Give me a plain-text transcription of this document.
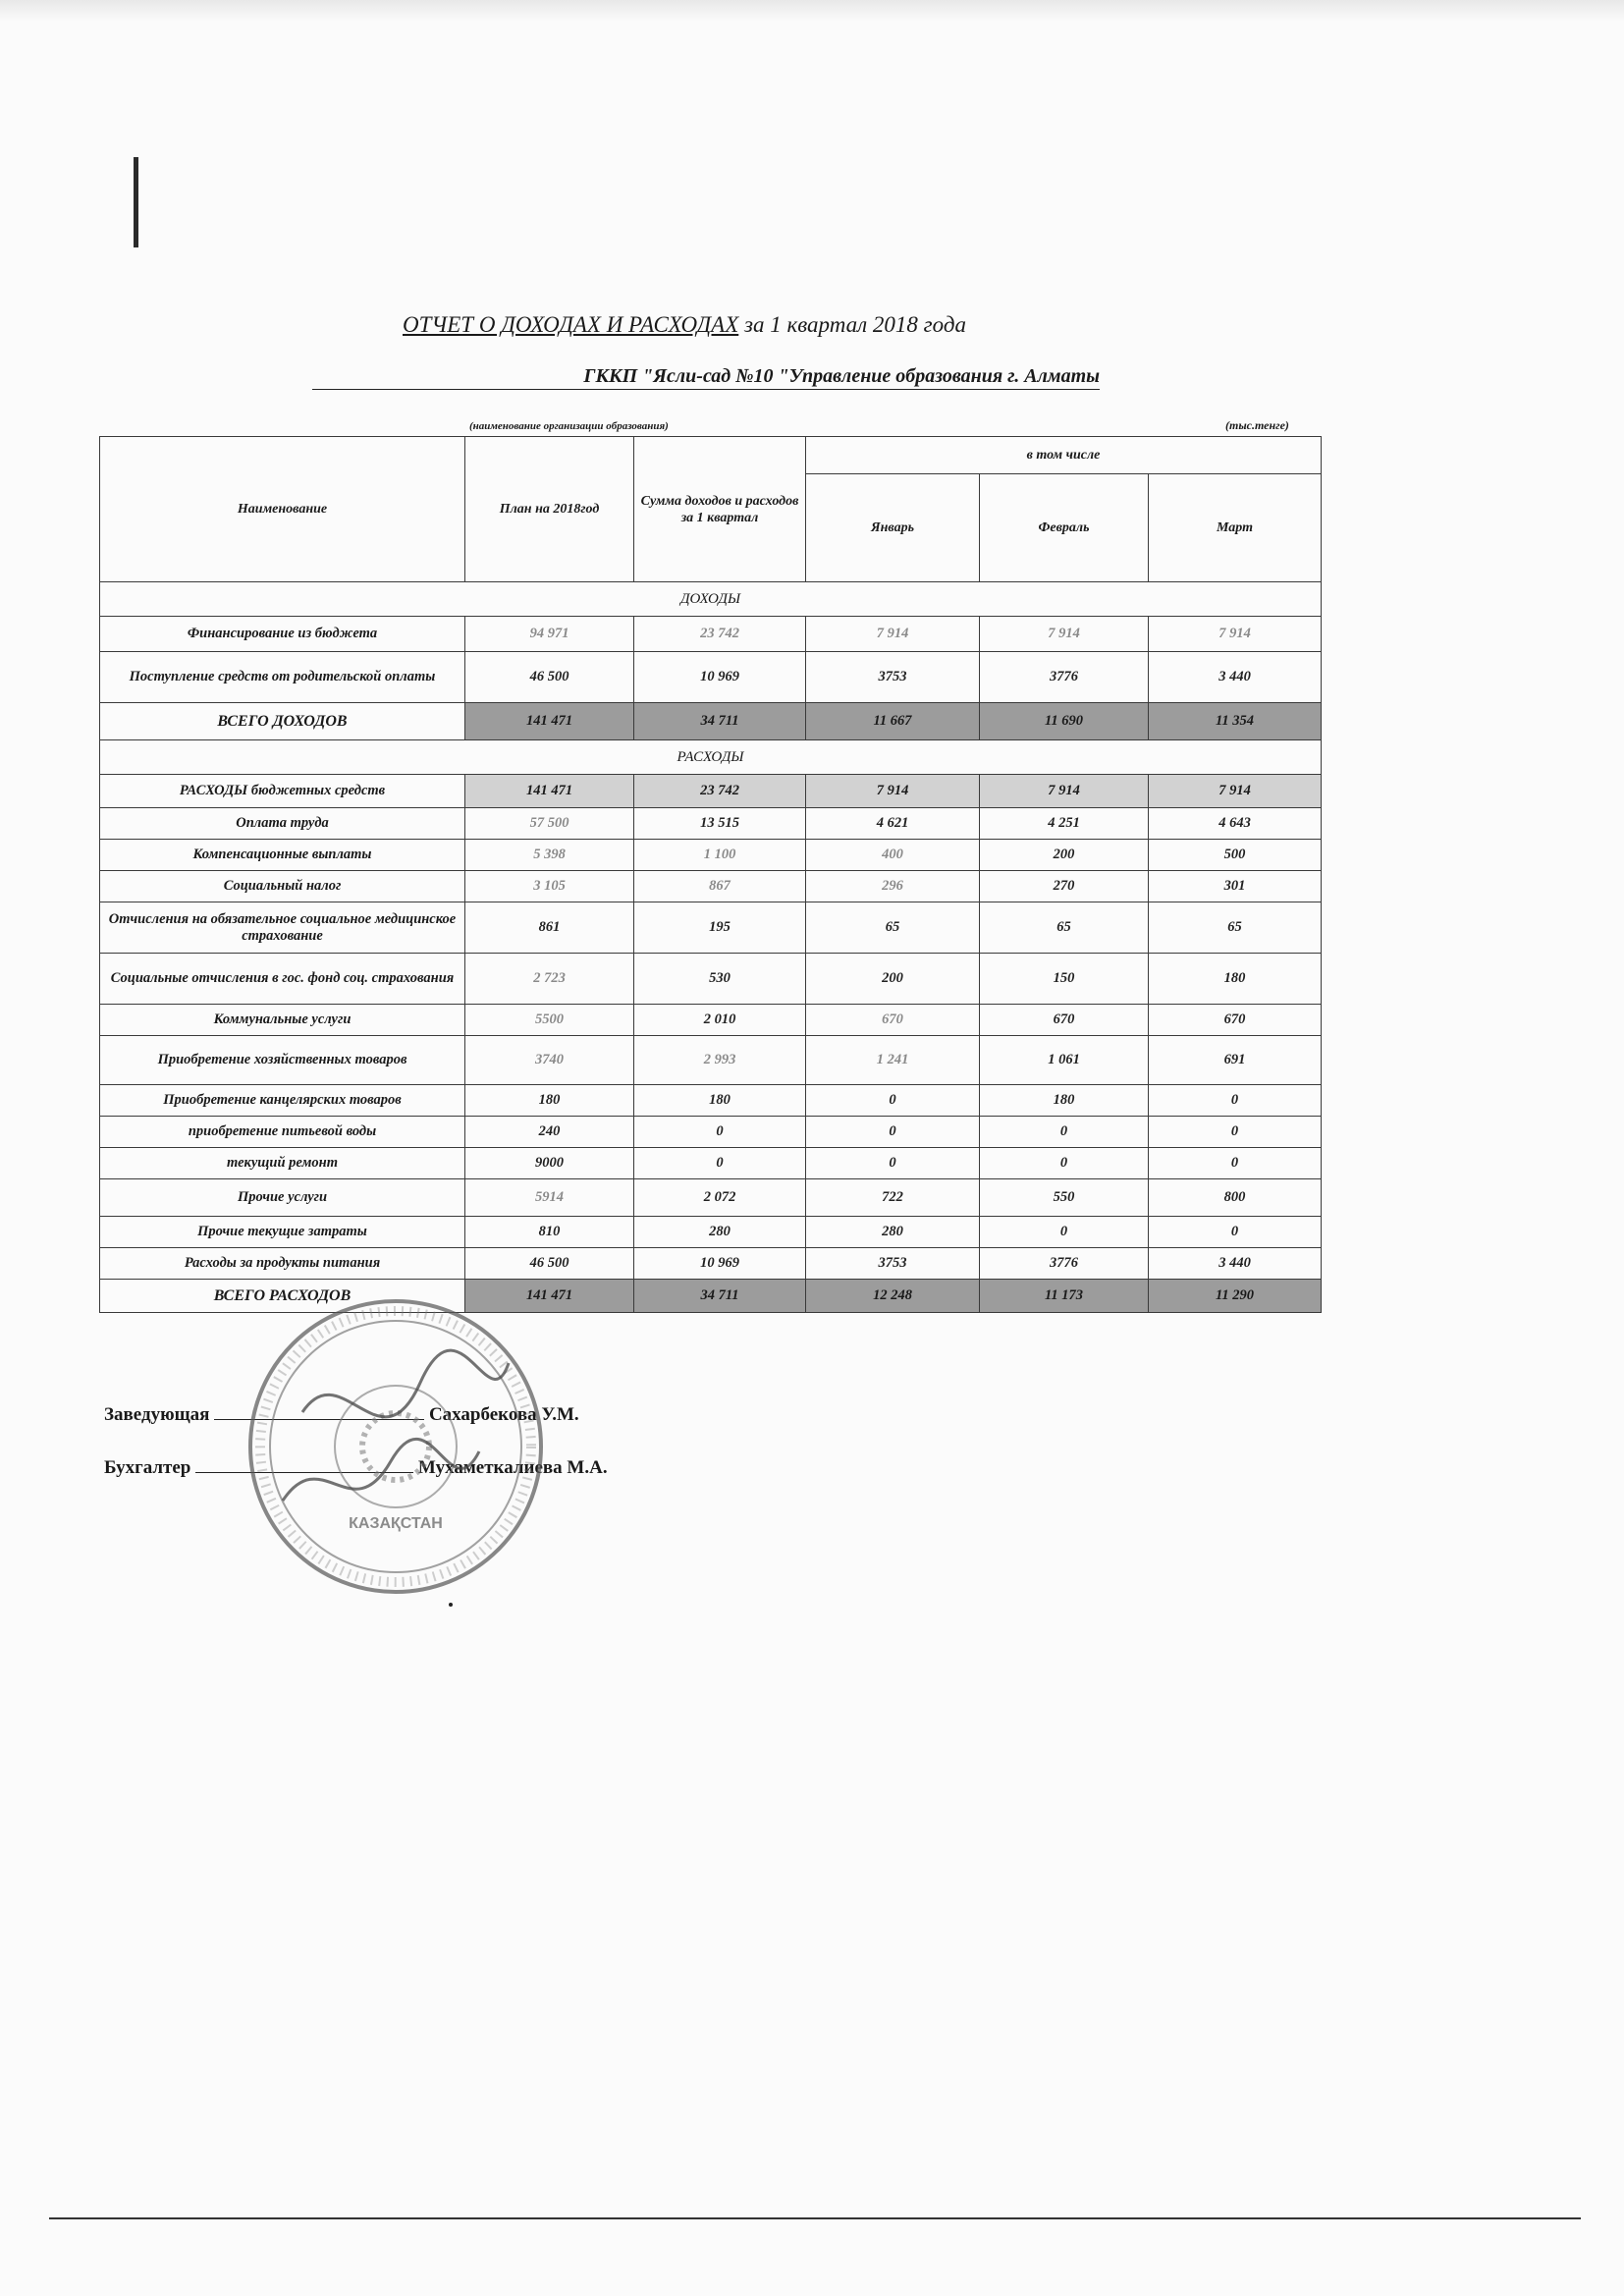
ОТЧЕТ О ДОХОДАХ И РАСХОДАХ за 1 квартал 2018 года
ГККП "Ясли-сад №10 "Управление образования г. Алматы
(наименование организации образования)	(тыс.тенге)
Наименование	План на 2018год	Сумма доходов и расходов за 1 квартал	в том числе		
			Январь	Февраль	Март
ДОХОДЫ					
Финансирование из бюджета	94 971	23 742	7 914	7 914	7 914
Поступление средств от родительской оплаты	46 500	10 969	3753	3776	3 440
ВСЕГО ДОХОДОВ	141 471	34 711	11 667	11 690	11 354
РАСХОДЫ					
РАСХОДЫ бюджетных средств	141 471	23 742	7 914	7 914	7 914
Оплата труда	57 500	13 515	4 621	4 251	4 643
Компенсационные выплаты	5 398	1 100	400	200	500
Социальный налог	3 105	867	296	270	301
Отчисления на обязательное социальное медицинское страхование	861	195	65	65	65
Социальные отчисления в гос. фонд соц. страхования	2 723	530	200	150	180
Коммунальные услуги	5500	2 010	670	670	670
Приобретение хозяйственных товаров	3740	2 993	1 241	1 061	691
Приобретение канцелярских товаров	180	180	0	180	0
приобретение питьевой воды	240	0	0	0	0
текущий ремонт	9000	0	0	0	0
Прочие услуги	5914	2 072	722	550	800
Прочие текущие затраты	810	280	280	0	0
Расходы за продукты питания	46 500	10 969	3753	3776	3 440
ВСЕГО РАСХОДОВ	141 471	34 711	12 248	11 173	11 290
Заведующая	Сахарбекова У.М.
Бухгалтер	Мухаметкалиева М.А.
КАЗАҚСТАН
